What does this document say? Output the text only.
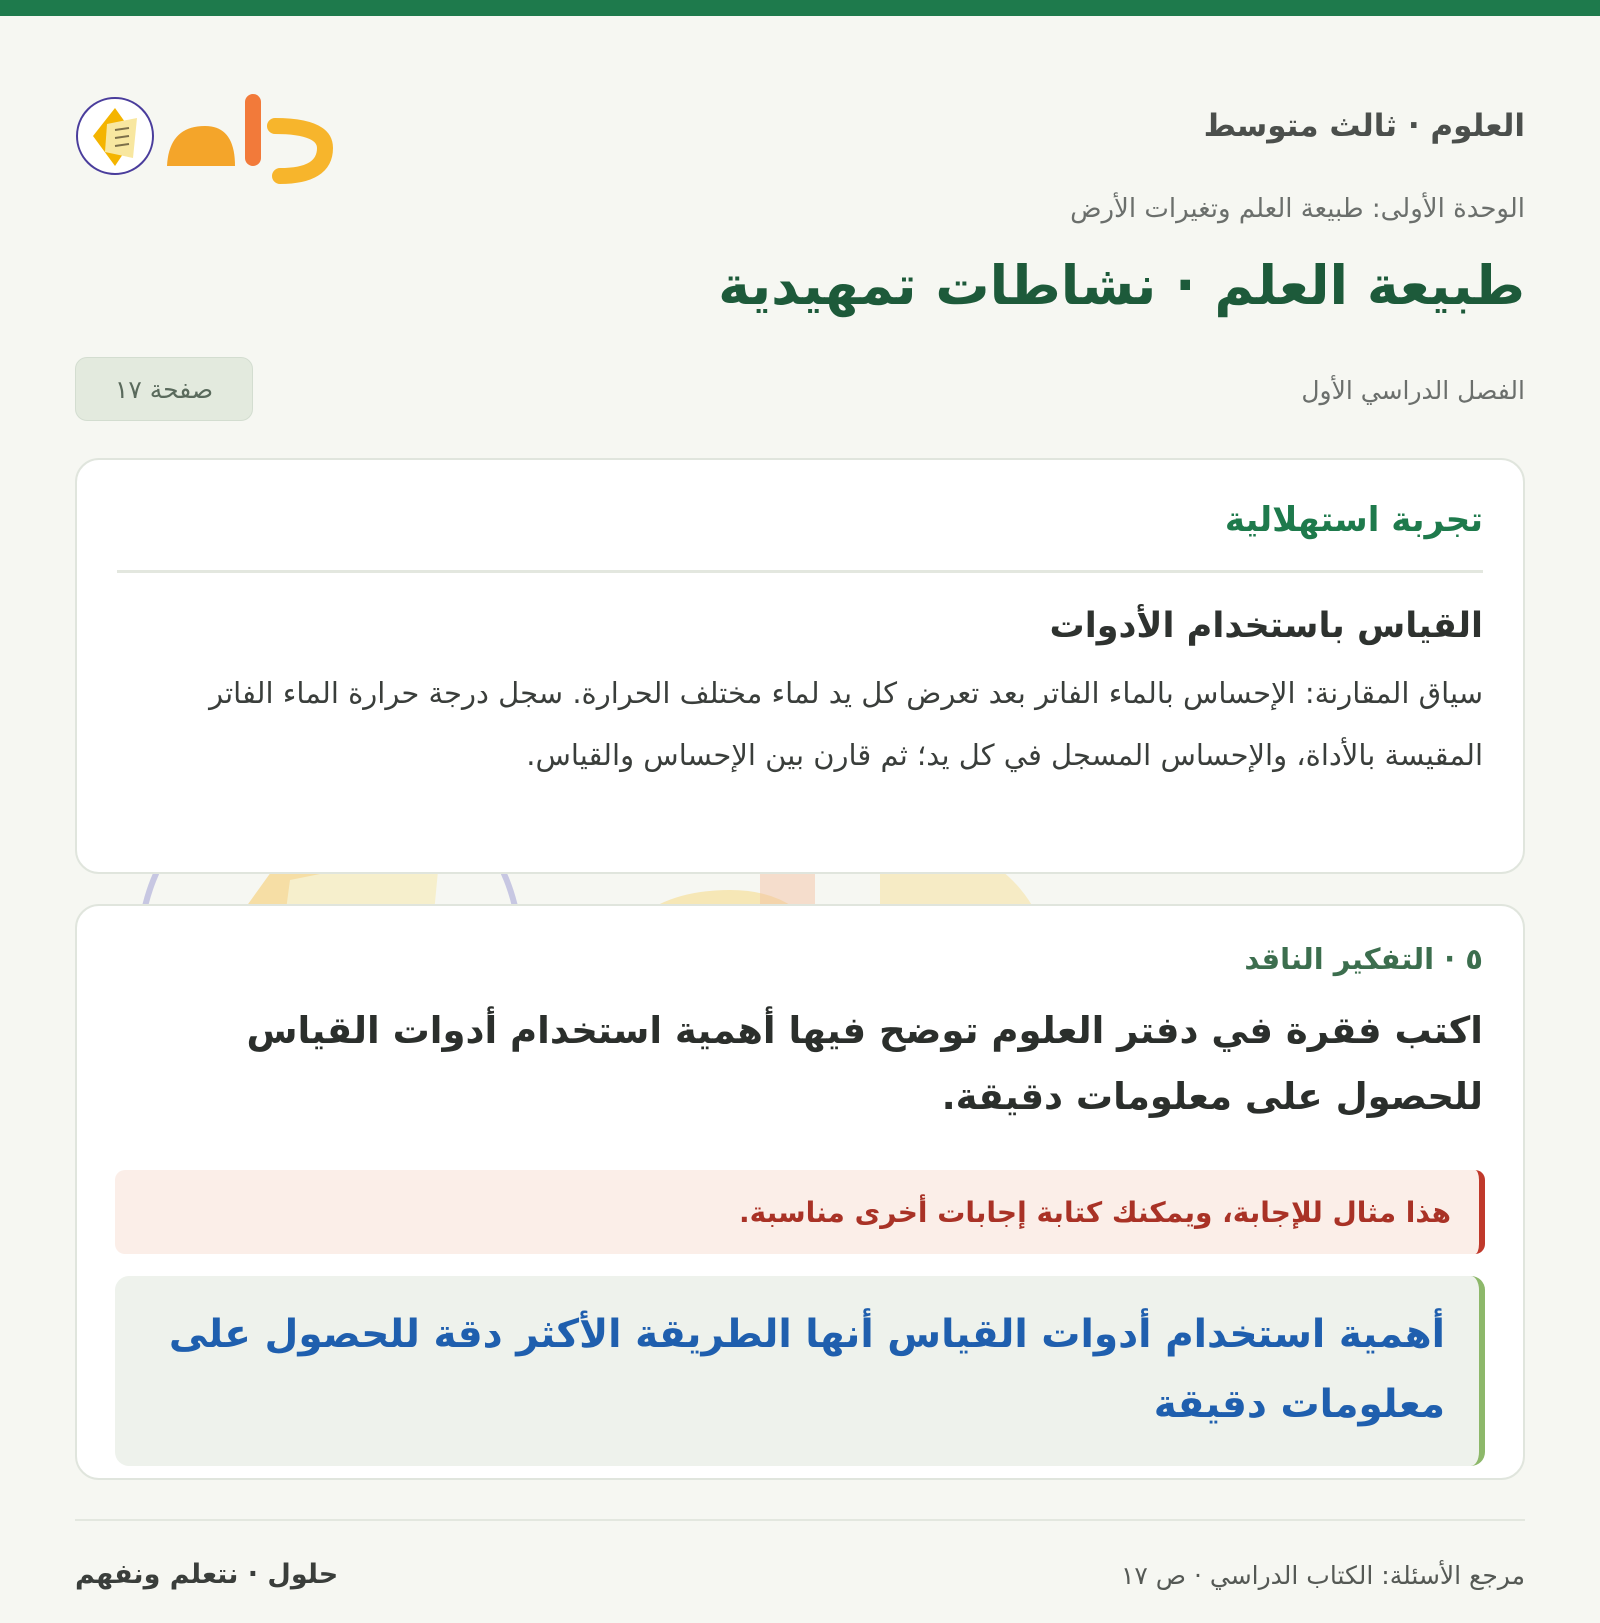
العلوم · ثالث متوسط
الوحدة الأولى: طبيعة العلم وتغيرات الأرض
طبيعة العلم · نشاطات تمهيدية
الفصل الدراسي الأول
صفحة ١٧
تجربة استهلالية
القياس باستخدام الأدوات
سياق المقارنة: الإحساس بالماء الفاتر بعد تعرض كل يد لماء مختلف الحرارة. سجل درجة حرارة الماء الفاتر المقيسة بالأداة، والإحساس المسجل في كل يد؛ ثم قارن بين الإحساس والقياس.
٥ · التفكير الناقد
اكتب فقرة في دفتر العلوم توضح فيها أهمية استخدام أدوات القياس للحصول على معلومات دقيقة.
هذا مثال للإجابة، ويمكنك كتابة إجابات أخرى مناسبة.
أهمية استخدام أدوات القياس أنها الطريقة الأكثر دقة للحصول على معلومات دقيقة
مرجع الأسئلة: الكتاب الدراسي · ص ١٧
حلول · نتعلم ونفهم
